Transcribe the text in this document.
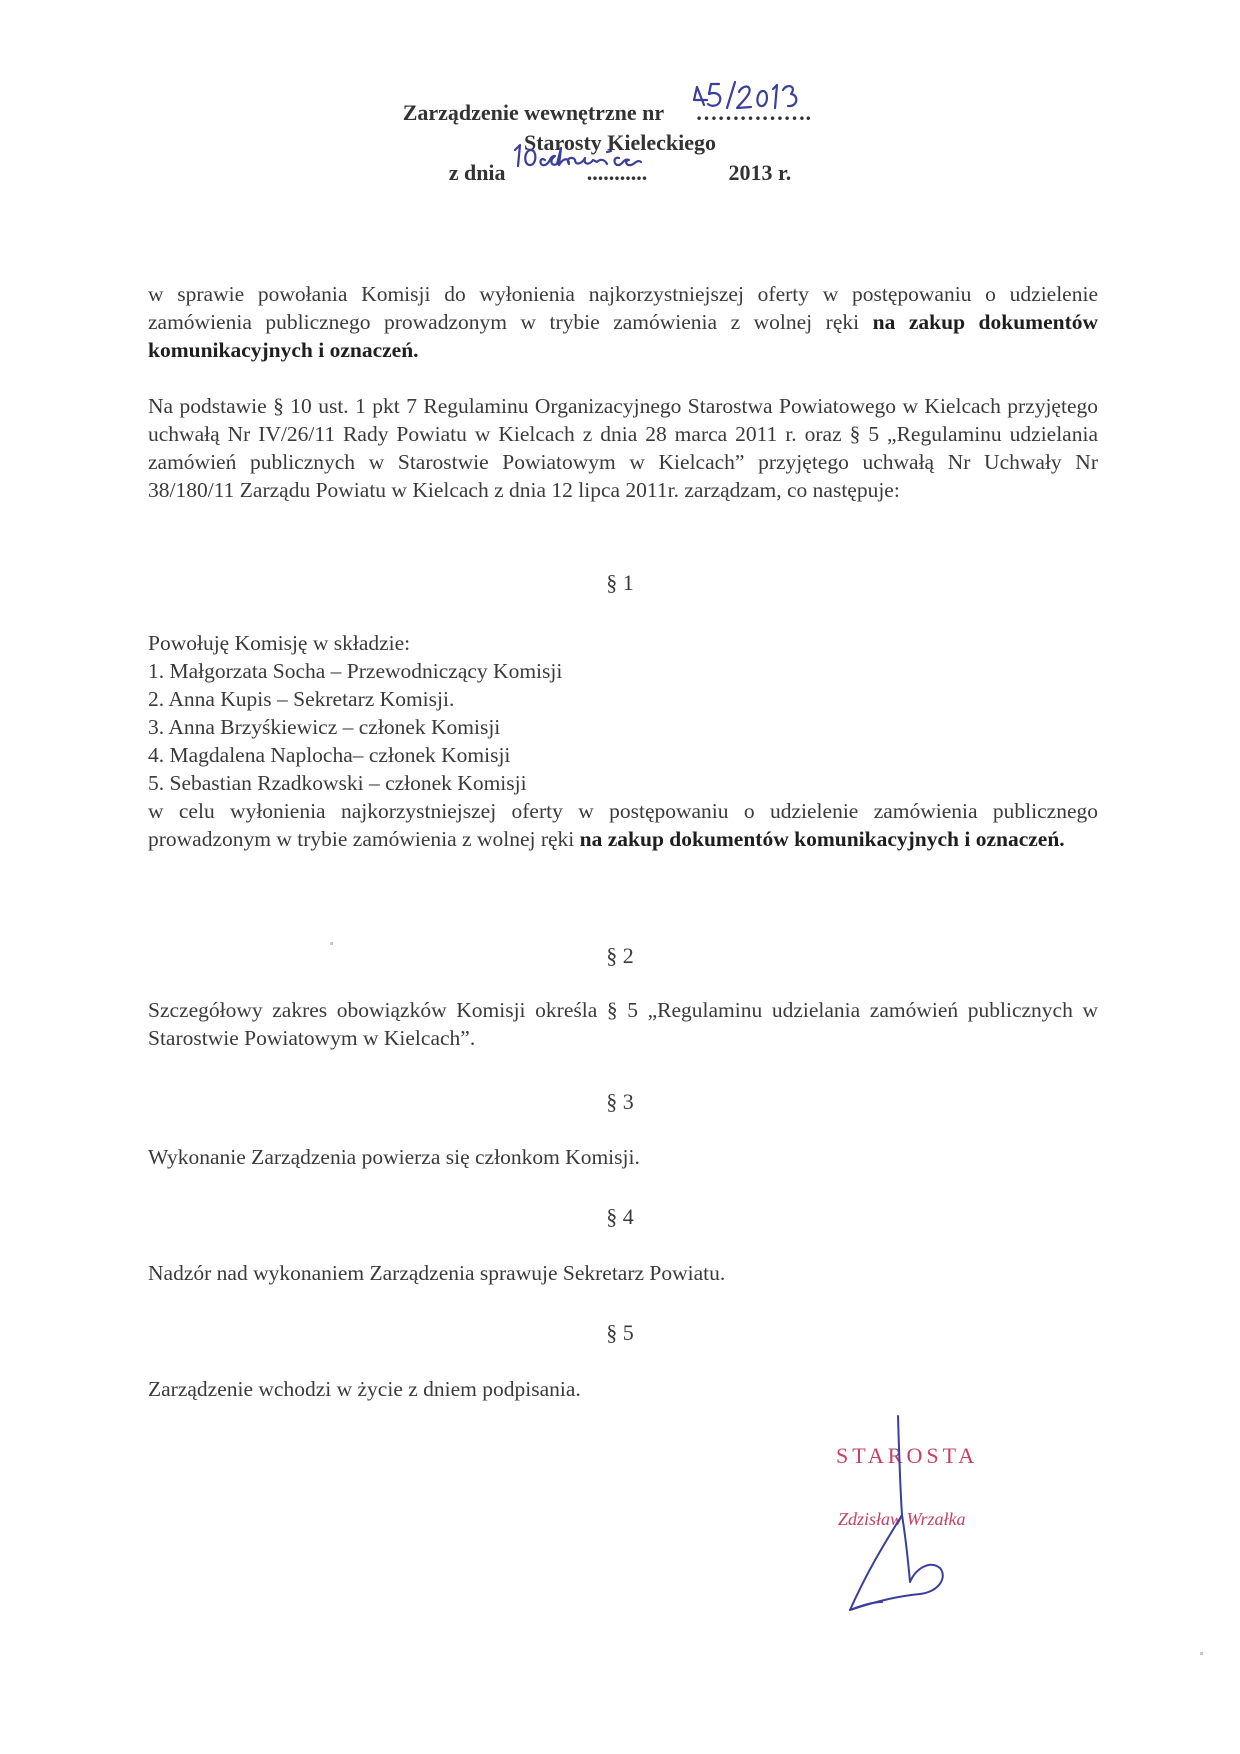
Zarządzenie wewnętrzne nr …………….
Starosty Kieleckiego
z dnia	...........	2013 r.

w sprawie powołania Komisji do wyłonienia najkorzystniejszej oferty w postępowaniu o udzielenie zamówienia publicznego prowadzonym w trybie zamówienia z wolnej ręki na zakup dokumentów komunikacyjnych i oznaczeń.

Na podstawie § 10 ust. 1 pkt 7 Regulaminu Organizacyjnego Starostwa Powiatowego w Kielcach przyjętego uchwałą Nr IV/26/11 Rady Powiatu w Kielcach z dnia 28 marca 2011 r. oraz § 5 „Regulaminu udzielania zamówień publicznych w Starostwie Powiatowym w Kielcach” przyjętego uchwałą Nr Uchwały Nr 38/180/11 Zarządu Powiatu w Kielcach z dnia 12 lipca 2011r. zarządzam, co następuje:

§ 1

Powołuję Komisję w składzie:
1. Małgorzata Socha – Przewodniczący Komisji
2. Anna Kupis – Sekretarz Komisji.
3. Anna Brzyśkiewicz – członek Komisji
4. Magdalena Naplocha– członek Komisji
5. Sebastian Rzadkowski – członek Komisji
w celu wyłonienia najkorzystniejszej oferty w postępowaniu o udzielenie zamówienia publicznego prowadzonym w trybie zamówienia z wolnej ręki na zakup dokumentów komunikacyjnych i oznaczeń.

§ 2

Szczegółowy zakres obowiązków Komisji określa § 5 „Regulaminu udzielania zamówień publicznych w Starostwie Powiatowym w Kielcach”.

§ 3

Wykonanie Zarządzenia powierza się członkom Komisji.

§ 4

Nadzór nad wykonaniem Zarządzenia sprawuje Sekretarz Powiatu.

§ 5

Zarządzenie wchodzi w życie z dniem podpisania.

STAROSTA
Zdzisław Wrzałka
